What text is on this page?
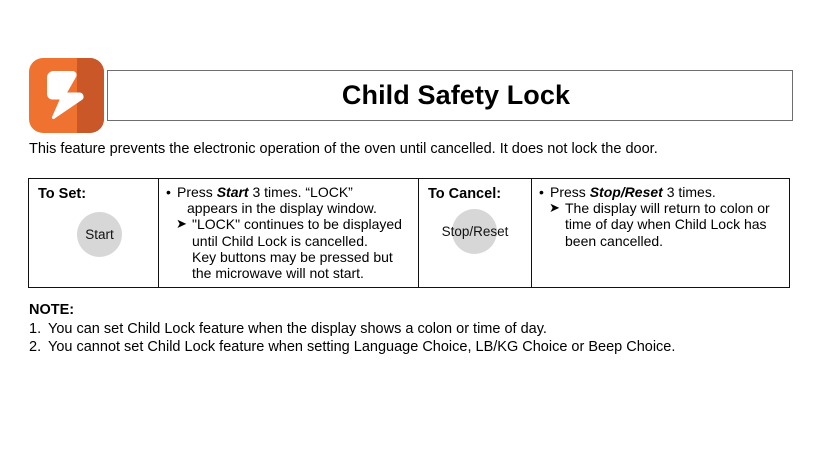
Child Safety Lock
This feature prevents the electronic operation of the oven until cancelled. It does not lock the door.
To Set:
Start
• Press Start 3 times. “LOCK”
appears in the display window.
➤ "LOCK" continues to be displayed
until Child Lock is cancelled.
Key buttons may be pressed but
the microwave will not start.
To Cancel:
Stop/Reset
• Press Stop/Reset 3 times.
➤ The display will return to colon or
time of day when Child Lock has
been cancelled.
NOTE:
1. You can set Child Lock feature when the display shows a colon or time of day.
2. You cannot set Child Lock feature when setting Language Choice, LB/KG Choice or Beep Choice.
